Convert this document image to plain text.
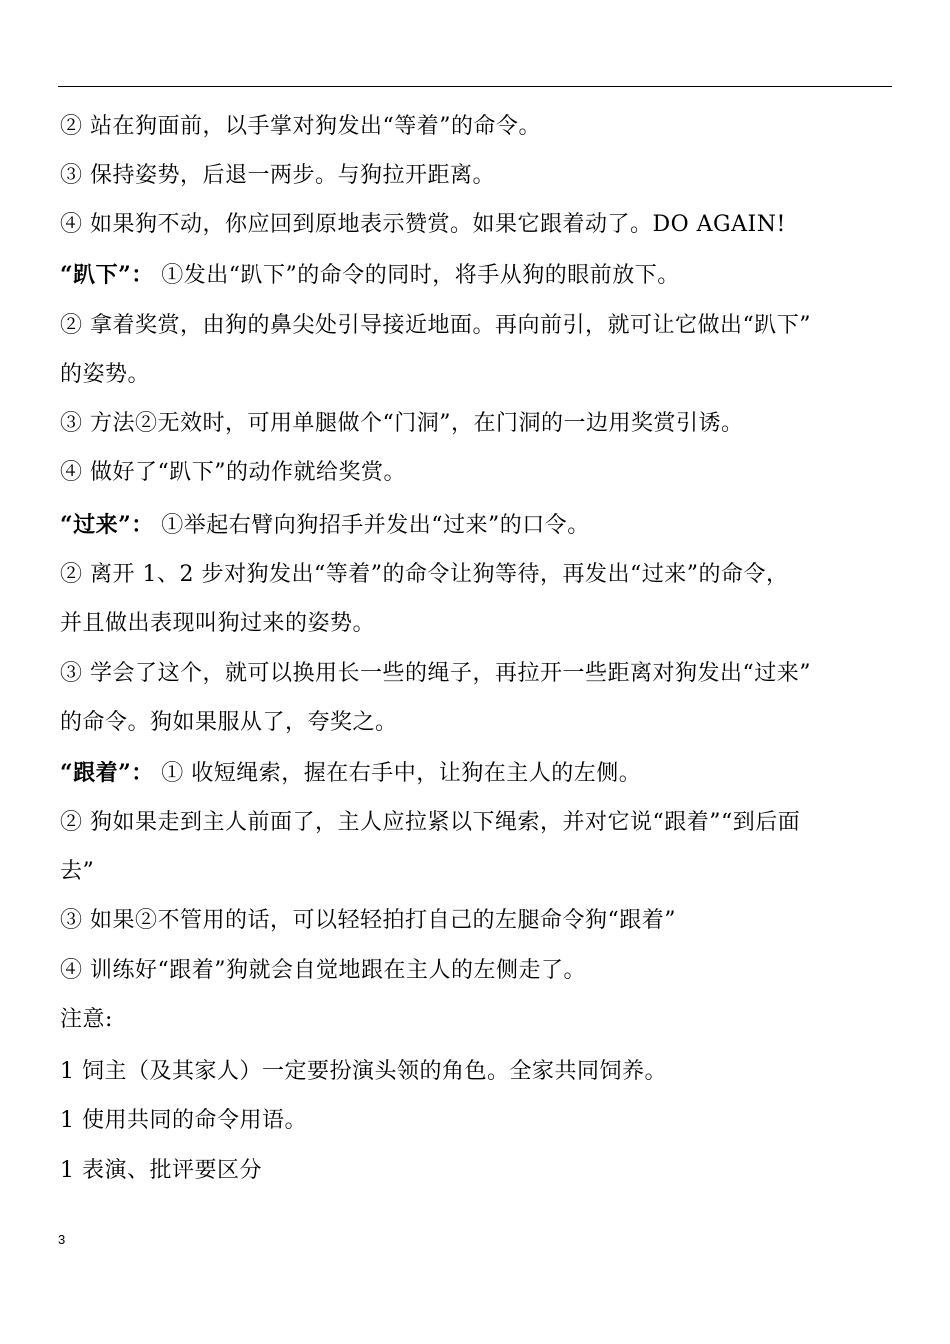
② 站在狗面前，以手掌对狗发出“等着”的命令。
③ 保持姿势，后退一两步。与狗拉开距离。
④ 如果狗不动，你应回到原地表示赞赏。如果它跟着动了。DO AGAIN!
“趴下”： ①发出“趴下”的命令的同时，将手从狗的眼前放下。
② 拿着奖赏，由狗的鼻尖处引导接近地面。再向前引，就可让它做出“趴下”
的姿势。
③ 方法②无效时，可用单腿做个“门洞”，在门洞的一边用奖赏引诱。
④ 做好了“趴下”的动作就给奖赏。
“过来”： ①举起右臂向狗招手并发出“过来”的口令。
② 离开 1、2 步对狗发出“等着”的命令让狗等待，再发出“过来”的命令，
并且做出表现叫狗过来的姿势。
③ 学会了这个，就可以换用长一些的绳子，再拉开一些距离对狗发出“过来”
的命令。狗如果服从了，夸奖之。
“跟着”： ① 收短绳索，握在右手中，让狗在主人的左侧。
② 狗如果走到主人前面了，主人应拉紧以下绳索，并对它说“跟着”“到后面
去”
③ 如果②不管用的话，可以轻轻拍打自己的左腿命令狗“跟着”
④ 训练好“跟着”狗就会自觉地跟在主人的左侧走了。
注意:
1 饲主（及其家人）一定要扮演头领的角色。全家共同饲养。
1 使用共同的命令用语。
1 表演、批评要区分
3
